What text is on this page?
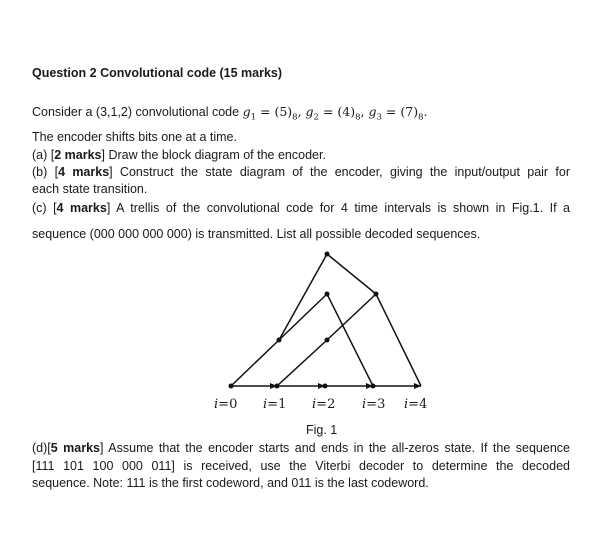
Question 2 Convolutional code (15 marks)
Consider a (3,1,2) convolutional code $g_1 = (5)_8$, $g_2 = (4)_8$, $g_3 = (7)_8$.
The encoder shifts bits one at a time.
(a) [2 marks] Draw the block diagram of the encoder.
(b) [4 marks] Construct the state diagram of the encoder, giving the input/output pair for
each state transition.
(c) [4 marks] A trellis of the convolutional code for 4 time intervals is shown in Fig.1. If a
sequence (000 000 000 000) is transmitted. List all possible decoded sequences.
i=0 i=1 i=2 i=3 i=4
Fig. 1
(d)[5 marks] Assume that the encoder starts and ends in the all-zeros state. If the sequence
[111 101 100 000 011] is received, use the Viterbi decoder to determine the decoded
sequence. Note: 111 is the first codeword, and 011 is the last codeword.
